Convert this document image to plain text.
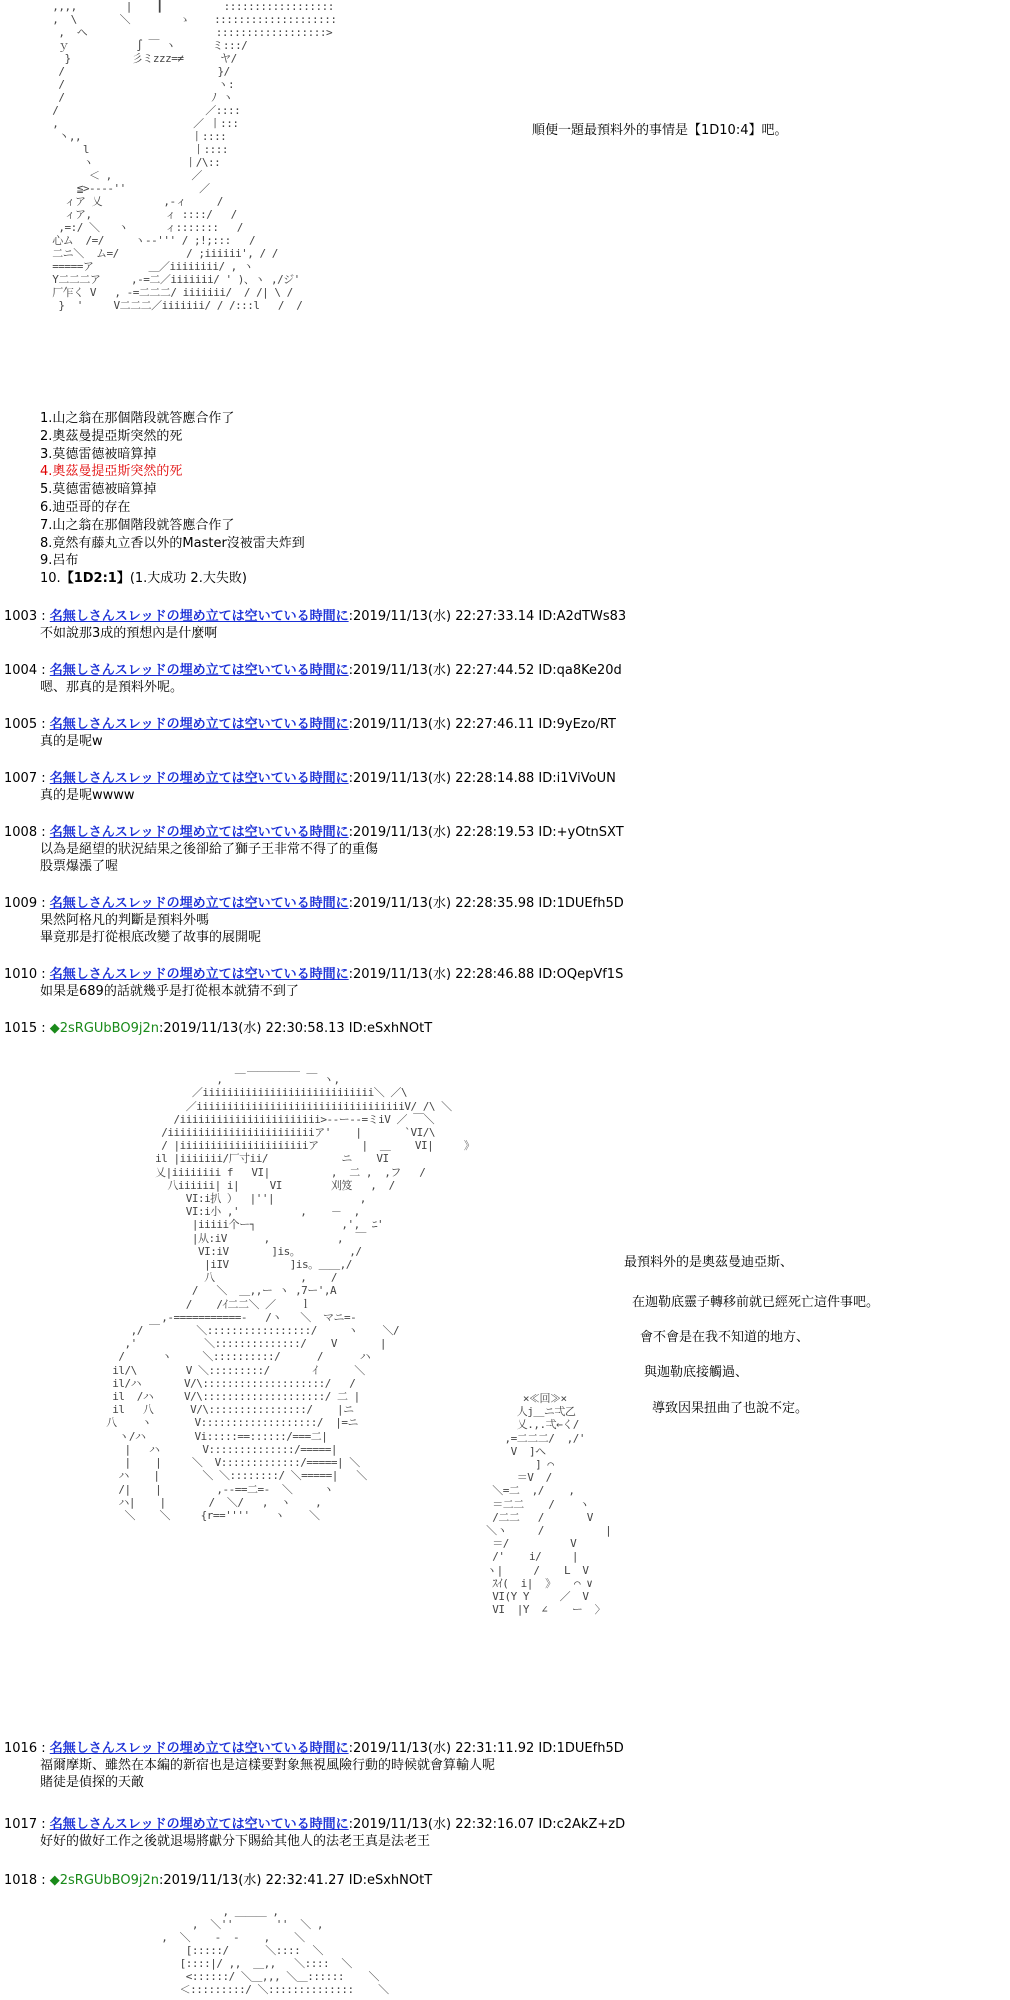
,,,,        |    ┃          ::::::::::::::::::
,  \       ＼        ゝ    ::::::::::::::::::::
,  ヘ                     ::::::::::::::::::>
ｙ           ∫ ￣ ヽ      ミ:::/
}          彡ミzzz=≠      ヤ/
/                         }/
/                         ヽ:
/                        ﾉ ヽ
/                        ／::::
,                      ／ 丨:::
丶,,                  丨::::
l                 丨::::
ヽ               丨/\::
＜ ,             ／
≦>----''            ／
ィア 乂          ,-ィ     /
ィア,            ィ ::::/   /
,=:/ ＼   ヽ      ィ:::::::   /
心ム  /=/     ヽ--''' / ;!;:::   /
二ニ＼  ム=/           / ;iiiiii', / /
=====ア         ＿／iiiiiiii/ , ヽ
Y二二二ア     ,-=二／iiiiiii/ ' )、ヽ ,/ジ'
厂乍く V   , -=二二二/ iiiiiii/  / /| \ /
}  '     V二二二／iiiiiii/ / /:::l   /  /
順便一題最預料外的事情是【1D10:4】吧。
1.山之翁在那個階段就答應合作了
2.奧茲曼提亞斯突然的死
3.莫德雷德被暗算掉
4.奧茲曼提亞斯突然的死
5.莫德雷德被暗算掉
6.迪亞哥的存在
7.山之翁在那個階段就答應合作了
8.竟然有藤丸立香以外的Master沒被雷夫炸到
9.呂布
10.【1D2:1】(1.大成功 2.大失敗)
1003 : 名無しさんスレッドの埋め立ては空いている時間に:2019/11/13(水) 22:27:33.14 ID:A2dTWs83
不如說那3成的預想內是什麼啊
1004 : 名無しさんスレッドの埋め立ては空いている時間に:2019/11/13(水) 22:27:44.52 ID:qa8Ke20d
嗯、那真的是預料外呢。
1005 : 名無しさんスレッドの埋め立ては空いている時間に:2019/11/13(水) 22:27:46.11 ID:9yEzo/RT
真的是呢w
1007 : 名無しさんスレッドの埋め立ては空いている時間に:2019/11/13(水) 22:28:14.88 ID:i1ViVoUN
真的是呢wwww
1008 : 名無しさんスレッドの埋め立ては空いている時間に:2019/11/13(水) 22:28:19.53 ID:+yOtnSXT
以為是絕望的狀況結果之後卻給了獅子王非常不得了的重傷
股票爆漲了喔
1009 : 名無しさんスレッドの埋め立ては空いている時間に:2019/11/13(水) 22:28:35.98 ID:1DUEfh5D
果然阿格凡的判斷是預料外嗎
畢竟那是打從根底改變了故事的展開呢
1010 : 名無しさんスレッドの埋め立ては空いている時間に:2019/11/13(水) 22:28:46.88 ID:OQepVf1S
如果是689的話就幾乎是打從根本就猜不到了
1015 : ◆2sRGUbBO9j2n:2019/11/13(水) 22:30:58.13 ID:eSxhNOtT
＿＿＿＿＿
,  ￣          ￣ ヽ,
／iiiiiiiiiiiiiiiiiiiiiiiiiiii＼ ／\
／iiiiiiiiiiiiiiiiiiiiiiiiiiiiiiiiiiV/ /\ ＼
/iiiiiiiiiiiiiiiiiiiiiii>--ー--=ミiV ／ ￣＼
/iiiiiiiiiiiiiiiiiiiiiiiiア'    |       `VI/\
/ |iiiiiiiiiiiiiiiiiiiiiア       |  ＿    VI|     》
il |iiiiiii/厂寸ii/            ニ    VI
乂|iiiiiiii f   VI|          ,  二 ,  ,フ   /
八iiiiii| i|     VI        刈笈   ,  /
VI:i扒 ）  |''|              ,
VI:i小 ,'          ,    －  ,
|iiiii个ー┐              ,',  ﾆ'
|从:iV      ,           ,  ￣
VI:iV       ]is。        ,/
|iIV          ]is。＿＿,/
八              ,    /
/   ＼  ＿,,ー ヽ ,7ー',A
/    /ｲ二二＼ ／    ｌ
,-===========-   /ヽ   ＼  マニ=-
,/ ￣      ＼:::::::::::::::::/     ヽ    ＼/
,'           ＼::::::::::::::/    V       |
/      ヽ     ＼::::::::::/      /      ハ
il/\        V ＼:::::::::/       ｲ      ＼
il/ハ       V/\::::::::::::::::::::/   /
il  /ハ     V/\::::::::::::::::::::/ 二 |
il   八      V/\::::::::::::::::/    |ニ
八    ヽ       V:::::::::::::::::::/  |=ニ
ヽ/ハ        Vi:::::==::::::/===二|
|   ハ       V::::::::::::::/=====|
|    |     ＼  V:::::::::::::/=====| ＼
ハ    |       ＼ ＼::::::::/ ＼=====|   ＼
/|    |         ,--==二=-  ＼     ヽ
ハ|    |       /  ＼/   ,  ヽ    ,
＼    ＼     {r==''''    ヽ    ＼
×≪回≫×
人j＿ニ弌乙
乂.,.弌←く/
,=二二二/  ,/'
V  ]ヘ
] ⌒
＝V  /
＼=二  ,/    ,
＝二二    /    ヽ
/二二   /       V
＼ヽ     /          |
＝/          V
/'    i/     |
ヽ|     /    L  V
ｽｲ(  i|  》   ⌒ ∨
VI(Y Y     ／  V
VI  |Y  ∠    ー  〉
最預料外的是奧茲曼迪亞斯、
在迦勒底靈子轉移前就已經死亡這件事吧。
會不會是在我不知道的地方、
與迦勒底接觸過、
導致因果扭曲了也說不定。
1016 : 名無しさんスレッドの埋め立ては空いている時間に:2019/11/13(水) 22:31:11.92 ID:1DUEfh5D
福爾摩斯、雖然在本編的新宿也是這樣要對象無視風險行動的時候就會算輸人呢
賭徒是偵探的天敵
1017 : 名無しさんスレッドの埋め立ては空いている時間に:2019/11/13(水) 22:32:16.07 ID:c2AkZ+zD
好好的做好工作之後就退場將獻分下賜給其他人的法老王真是法老王
1018 : ◆2sRGUbBO9j2n:2019/11/13(水) 22:32:41.27 ID:eSxhNOtT
, ＿＿＿ ,
,  ＼''       ''  ＼ ,
,  ＼    -  -    ,    ＼
[:::::/      ＼::::  ＼
[::::|/ ,,  ＿,,   ＼::::  ＼
<::::::/ ＼＿,,, ＼＿::::::    ＼
＜:::::::::/ ＼::::::::::::::    ＼
